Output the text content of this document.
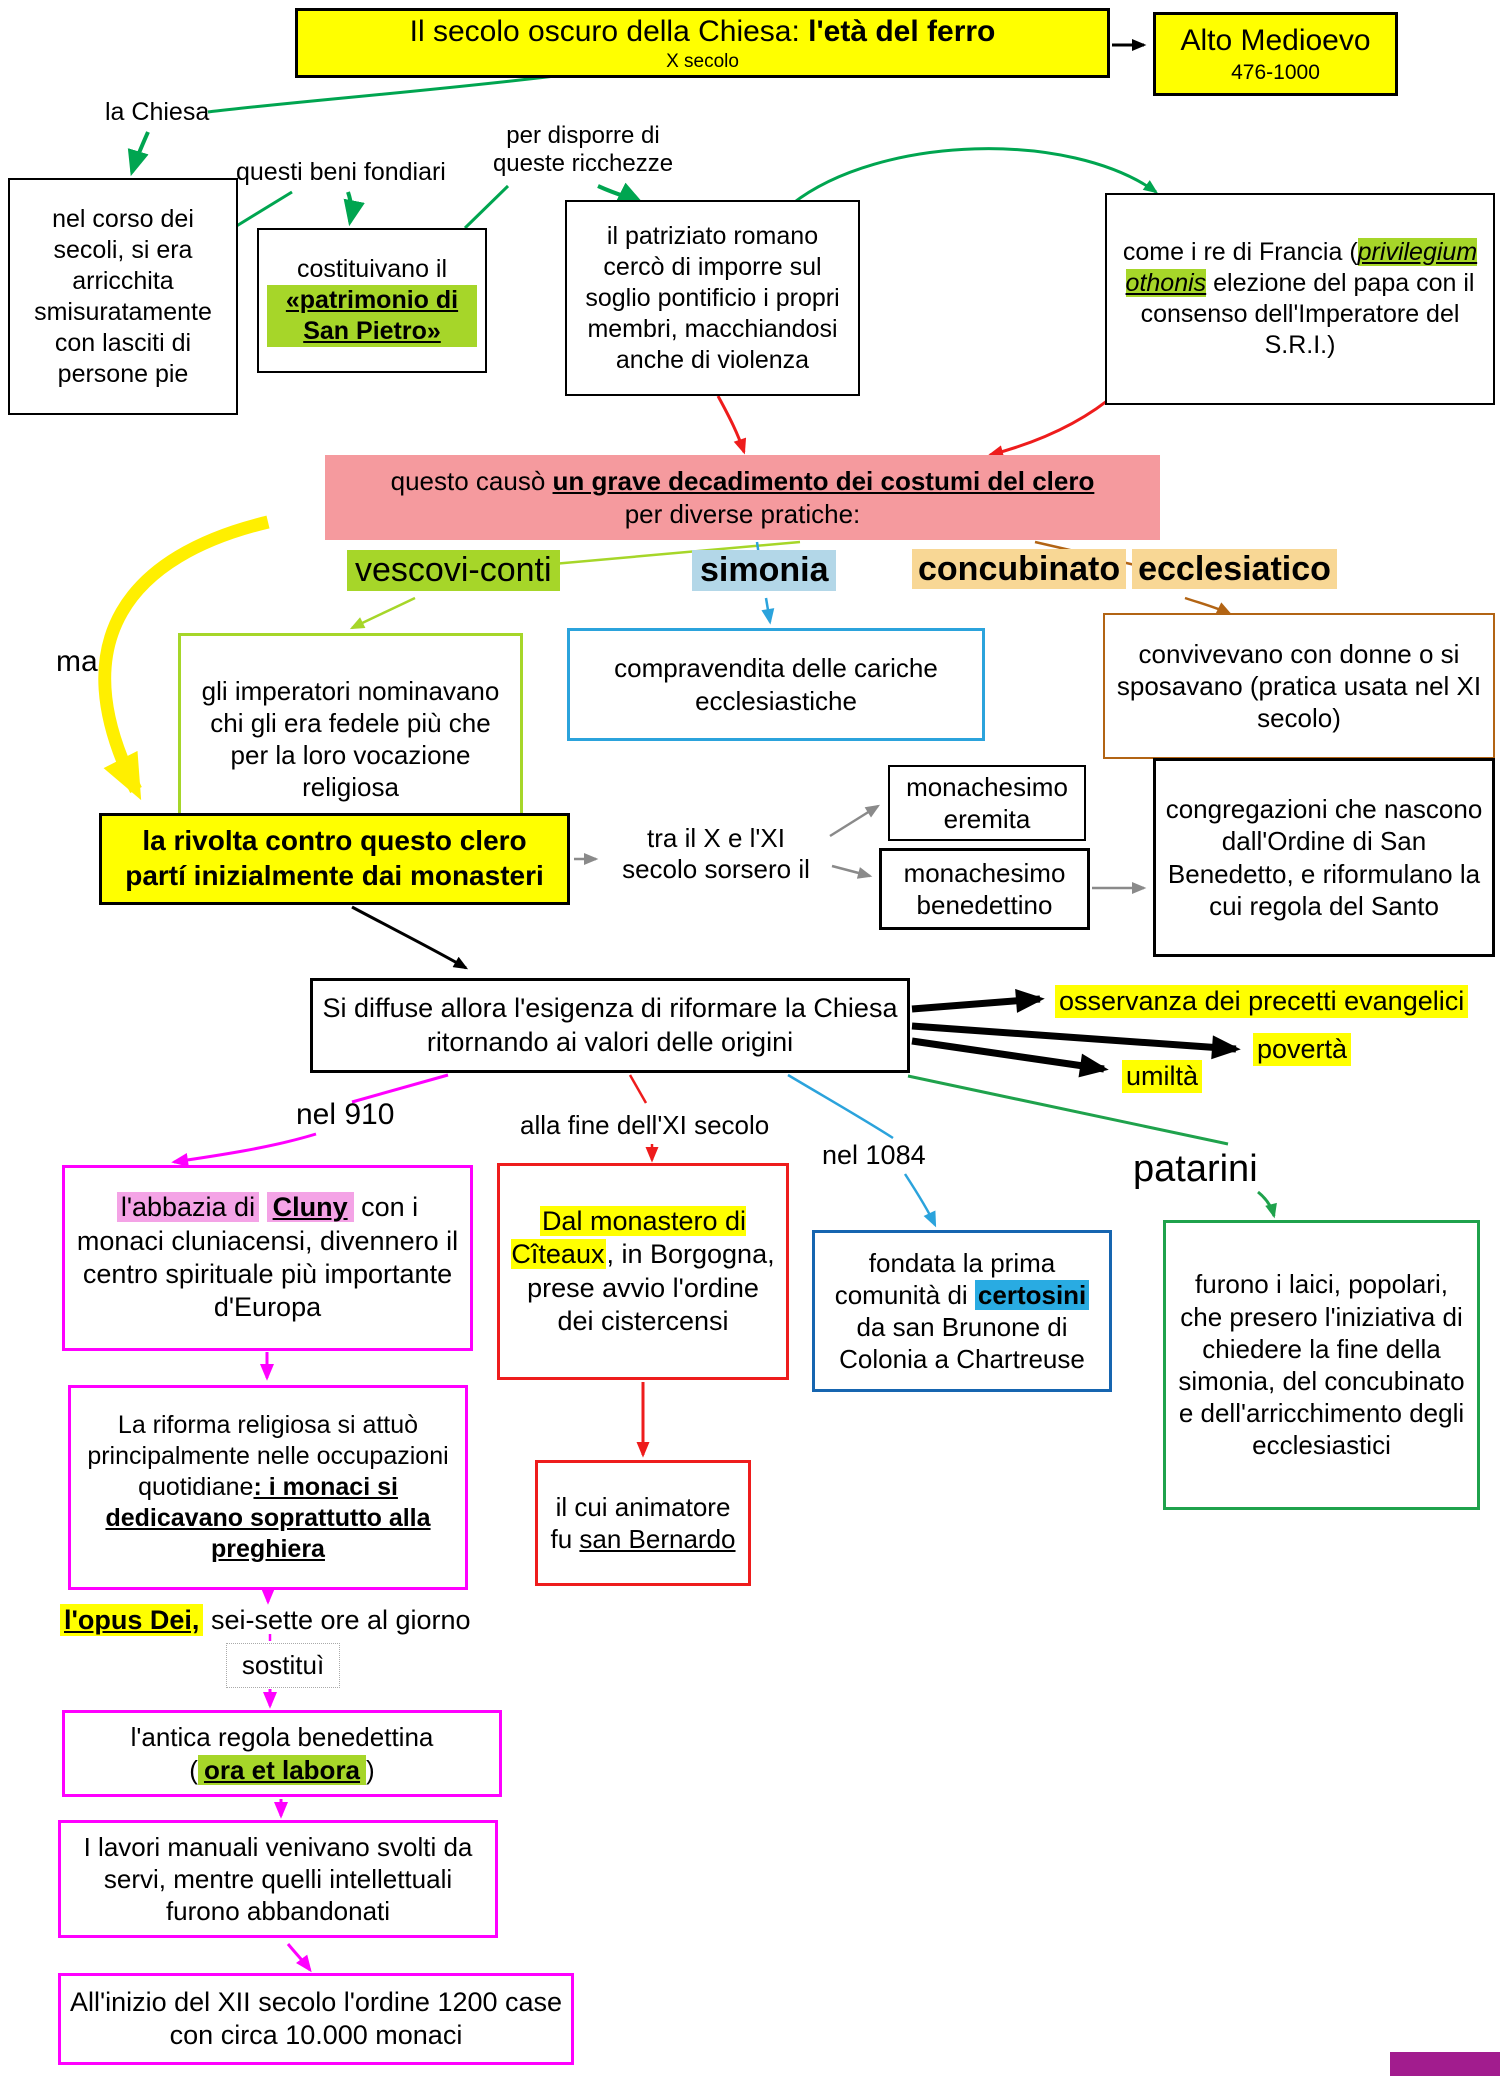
Il secolo oscuro della Chiesa: l'età del ferro
X secolo
Alto Medioevo
476-1000
la Chiesa
nel corso dei secoli, si era arricchita smisuratamente con lasciti di persone pie
questi beni fondiari
costituivano il
«patrimonio di San Pietro»
per disporre di queste ricchezze
il patriziato romano cercò di imporre sul soglio pontificio i propri membri, macchiandosi anche di violenza
come i re di Francia (privilegium othonis elezione del papa con il consenso dell'Imperatore del S.R.I.)
questo causò un grave decadimento dei costumi del clero
per diverse pratiche:
vescovi-conti	simonia	concubinato ecclesiatico
gli imperatori nominavano chi gli era fedele più che per la loro vocazione religiosa
compravendita delle cariche ecclesiastiche
convivevano con donne o si sposavano (pratica usata nel XI secolo)
ma
la rivolta contro questo clero partí inizialmente dai monasteri
tra il X e l'XI
secolo sorsero il
monachesimo eremita
monachesimo benedettino
congregazioni che nascono dall'Ordine di San Benedetto, e riformulano la cui regola del Santo
Si diffuse allora l'esigenza di riformare la Chiesa ritornando ai valori delle origini
osservanza dei precetti evangelici
povertà
umiltà
nel 910	alla fine dell'XI secolo
nel 1084	patarini
l'abbazia di Cluny con i monaci cluniacensi, divennero il centro spirituale più importante d'Europa
La riforma religiosa si attuò principalmente nelle occupazioni quotidiane: i monaci si dedicavano soprattutto alla preghiera
l'opus Dei, sei-sette ore al giorno
sostituì
l'antica regola benedettina
( ora et labora )
I lavori manuali venivano svolti da servi, mentre quelli intellettuali furono abbandonati
All'inizio del XII secolo l'ordine 1200 case con circa 10.000 monaci
Dal monastero di Cîteaux, in Borgogna, prese avvio l'ordine dei cistercensi
il cui animatore fu san Bernardo
fondata la prima comunità di certosini da san Brunone di Colonia a Chartreuse
furono i laici, popolari, che presero l'iniziativa di chiedere la fine della simonia, del concubinato e dell'arricchimento degli ecclesiastici
